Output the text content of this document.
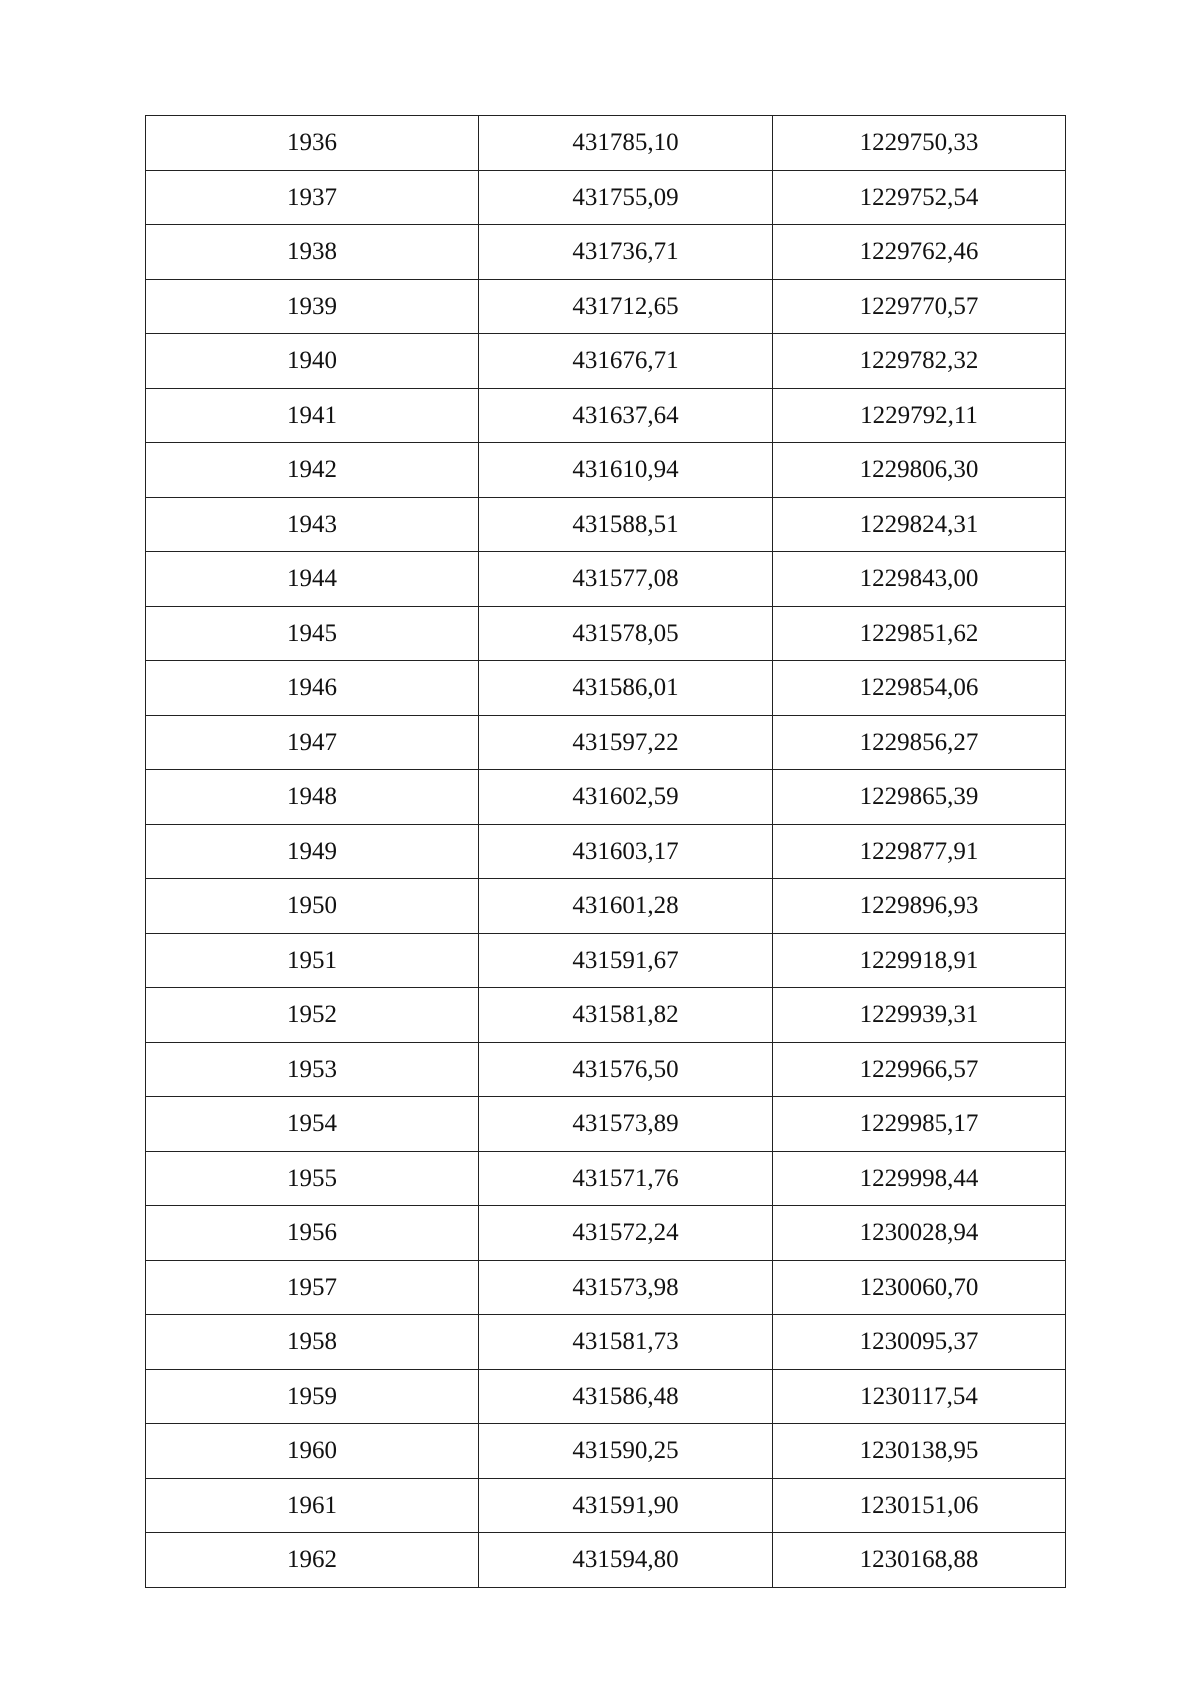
1936	431785,10	1229750,33
1937	431755,09	1229752,54
1938	431736,71	1229762,46
1939	431712,65	1229770,57
1940	431676,71	1229782,32
1941	431637,64	1229792,11
1942	431610,94	1229806,30
1943	431588,51	1229824,31
1944	431577,08	1229843,00
1945	431578,05	1229851,62
1946	431586,01	1229854,06
1947	431597,22	1229856,27
1948	431602,59	1229865,39
1949	431603,17	1229877,91
1950	431601,28	1229896,93
1951	431591,67	1229918,91
1952	431581,82	1229939,31
1953	431576,50	1229966,57
1954	431573,89	1229985,17
1955	431571,76	1229998,44
1956	431572,24	1230028,94
1957	431573,98	1230060,70
1958	431581,73	1230095,37
1959	431586,48	1230117,54
1960	431590,25	1230138,95
1961	431591,90	1230151,06
1962	431594,80	1230168,88
